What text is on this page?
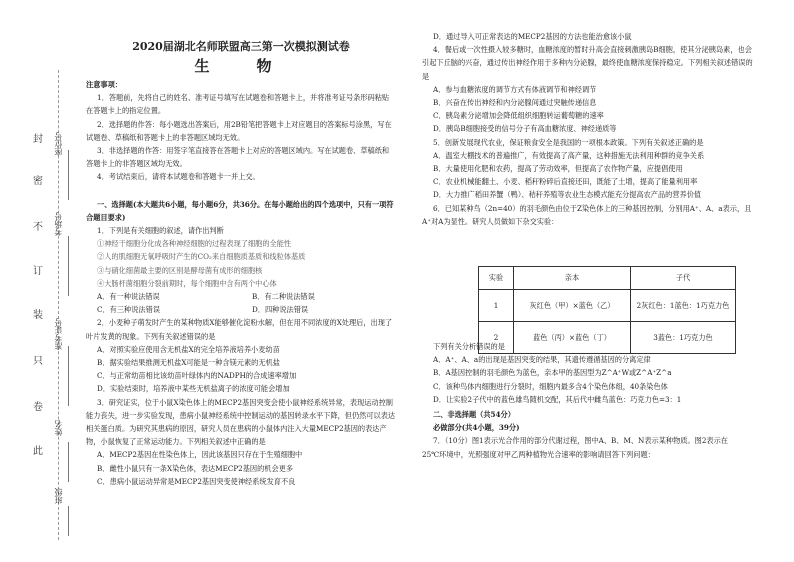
封
密
不
订
装
只
卷
此
座位号
考场号
准考证号
姓名
班级
2020届湖北名师联盟高三第一次模拟测试卷
生　物

注意事项：

1．答题前，先将自己的姓名、准考证号填写在试题卷和答题卡上，并将准考证号条形码粘贴在答题卡上的指定位置。

2．选择题的作答：每小题选出答案后，用2B铅笔把答题卡上对应题目的答案标号涂黑，写在试题卷、草稿纸和答题卡上的非答题区域均无效。

3．非选择题的作答：用签字笔直接答在答题卡上对应的答题区域内。写在试题卷、草稿纸和答题卡上的非答题区域均无效。

4．考试结束后，请将本试题卷和答题卡一并上交。

一、选择题(本大题共6小题，每小题6分，共36分。在每小题给出的四个选项中，只有一项符合题目要求)

1．下列是有关细胞的叙述，请作出判断

①神经干细胞分化成各种神经细胞的过程表现了细胞的全能性

②人的肌细胞无氧呼吸时产生的CO₂来自细胞质基质和线粒体基质

③与硝化细菌最主要的区别是酵母菌有成形的细胞核

④大肠杆菌细胞分裂前期时，每个细胞中含有两个中心体

A．有一种说法错误	B．有二种说法错误

C．有三种说法错误	D．四种说法错误

2．小麦种子萌发时产生的某种物质X能够催化淀粉水解，但在用不同浓度的X处理后，出现了叶片发黄的现象。下列有关叙述错误的是

A．对照实验应使用含无机盐X的完全培养液培养小麦幼苗

B．据实验结果推测无机盐X可能是一种含镁元素的无机盐

C．与正常幼苗相比该幼苗叶绿体内的NADPH的合成速率增加

D．实验结束时，培养液中某些无机盐离子的浓度可能会增加

3．研究证实，位于小鼠X染色体上的MECP2基因突变会使小鼠神经系统异常，表现运动控制能力丧失，进一步实验发现，患病小鼠神经系统中控制运动的基因转录水平下降，但仍然可以表达相关蛋白质。为研究其患病的原因，研究人员在患病的小鼠体内注入大量MECP2基因的表达产物，小鼠恢复了正常运动能力。下列相关叙述中正确的是

A．MECP2基因在性染色体上，因此该基因只存在于生殖细胞中

B．雌性小鼠只有一条X染色体，表达MECP2基因的机会更多

C．患病小鼠运动异常是MECP2基因突变使神经系统发育不良

D．通过导入可正常表达的MECP2基因的方法也能治愈该小鼠

4．餐后或一次性摄入较多糖时，血糖浓度的暂时升高会直接刺激胰岛B细胞，使其分泌胰岛素，也会引起下丘脑的兴奋，通过传出神经作用于多种内分泌腺，最终使血糖浓度保持稳定。下列相关叙述错误的是

A．参与血糖浓度的调节方式有体液调节和神经调节

B．兴奋在传出神经和内分泌腺间通过突触传递信息

C．胰岛素分泌增加会降低组织细胞转运葡萄糖的速率

D．胰岛B细胞接受的信号分子有高血糖浓度、神经递质等

5．创新发展现代农业，保证粮食安全是我国的一项根本政策。下列有关叙述正确的是

A．温室大棚技术的普遍推广，有效提高了高产量，这种措施无法利用种群的竞争关系

B．大量使用化肥和农药，提高了劳动效率，但提高了农作物产量，应提倡使用

C．农业机械能翻土、小麦、稻秆粉碎后直接还田，既能了土增，提高了能量利用率

D．大力推广稻田养蟹（鸭）、秸秆养殖等农业生态模式能充分提高农产品的营养价值

6．已知某种鸟（2n=40）的羽毛颜色由位于Z染色体上的三种基因控制，分别用A⁺、A、a表示，且A⁺对A为显性。研究人员做如下杂交实验：

实验	亲本	子代
1	灰红色（甲）×蓝色（乙）	2灰红色：1蓝色：1巧克力色
2	蓝色（丙）×蓝色（丁）	3蓝色：1巧克力色

下列有关分析错误的是

A．A⁺、A、a的出现是基因突变的结果，其遗传遵循基因的分离定律

B．A基因控制的羽毛颜色为蓝色，亲本甲的基因型为Z^A⁺W或Z^A⁺Z^a

C．该种鸟体内细胞进行分裂时，细胞内最多含4个染色体组，40条染色体

D．让实验2子代中的蓝色雄鸟随机交配，其后代中雌鸟蓝色：巧克力色=3：1

二、非选择题（共54分）

必做部分(共4小题，39分)

7．（10分）图1表示光合作用的部分代谢过程，图中A、B、M、N表示某种物质。图2表示在

25℃环境中，光照强度对甲乙两种植物光合速率的影响请回答下列问题：
